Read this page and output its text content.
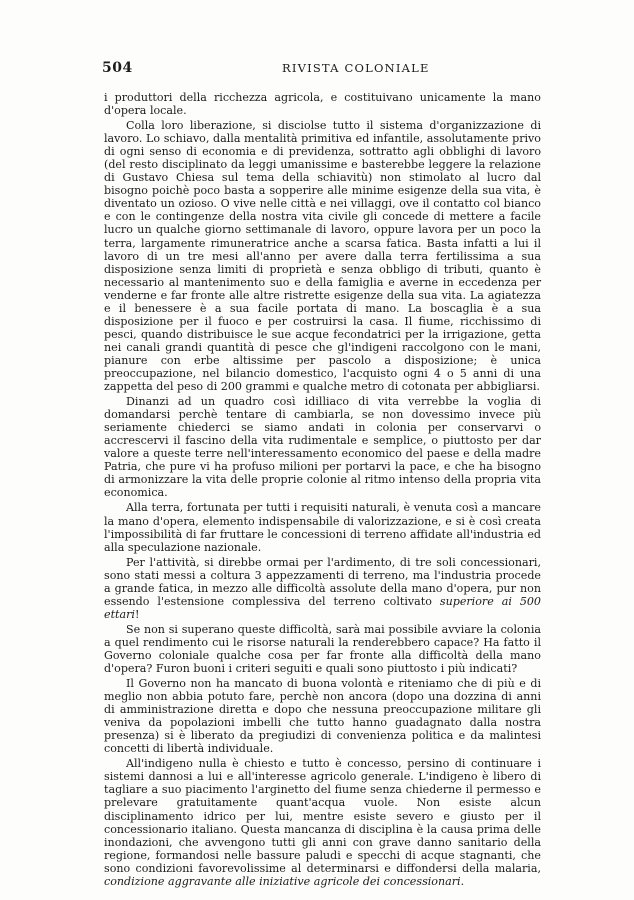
504	RIVISTA COLONIALE

i produttori della ricchezza agricola, e costituivano unicamente la mano d'opera locale.

Colla loro liberazione, si disciolse tutto il sistema d'organizzazione di lavoro. Lo schiavo, dalla mentalità primitiva ed infantile, assolutamente privo di ogni senso di economia e di previdenza, sottratto agli obblighi di lavoro (del resto disciplinato da leggi umanissime e basterebbe leggere la relazione di Gustavo Chiesa sul tema della schiavitù) non stimolato al lucro dal bisogno poichè poco basta a sopperire alle minime esigenze della sua vita, è diventato un ozioso. O vive nelle città e nei villaggi, ove il contatto col bianco e con le contingenze della nostra vita civile gli concede di mettere a facile lucro un qualche giorno settimanale di lavoro, oppure lavora per un poco la terra, largamente rimuneratrice anche a scarsa fatica. Basta infatti a lui il lavoro di un tre mesi all'anno per avere dalla terra fertilissima a sua disposizione senza limiti di proprietà e senza obbligo di tributi, quanto è necessario al mantenimento suo e della famiglia e averne in eccedenza per venderne e far fronte alle altre ristrette esigenze della sua vita. La agiatezza e il benessere è a sua facile portata di mano. La boscaglia è a sua disposizione per il fuoco e per costruirsi la casa. Il fiume, ricchissimo di pesci, quando distribuisce le sue acque fecondatrici per la irrigazione, getta nei canali grandi quantità di pesce che gl'indigeni raccolgono con le mani, pianure con erbe altissime per pascolo a disposizione; è unica preoccupazione, nel bilancio domestico, l'acquisto ogni 4 o 5 anni di una zappetta del peso di 200 grammi e qualche metro di cotonata per abbigliarsi.

Dinanzi ad un quadro così idilliaco di vita verrebbe la voglia di domandarsi perchè tentare di cambiarla, se non dovessimo invece più seriamente chiederci se siamo andati in colonia per conservarvi o accrescervi il fascino della vita rudimentale e semplice, o piuttosto per dar valore a queste terre nell'interessamento economico del paese e della madre Patria, che pure vi ha profuso milioni per portarvi la pace, e che ha bisogno di armonizzare la vita delle proprie colonie al ritmo intenso della propria vita economica.

Alla terra, fortunata per tutti i requisiti naturali, è venuta così a mancare la mano d'opera, elemento indispensabile di valorizzazione, e si è così creata l'impossibilità di far fruttare le concessioni di terreno affidate all'industria ed alla speculazione nazionale.

Per l'attività, si direbbe ormai per l'ardimento, di tre soli concessionari, sono stati messi a coltura 3 appezzamenti di terreno, ma l'industria procede a grande fatica, in mezzo alle difficoltà assolute della mano d'opera, pur non essendo l'estensione complessiva del terreno coltivato superiore ai 500 ettari!

Se non si superano queste difficoltà, sarà mai possibile avviare la colonia a quel rendimento cui le risorse naturali la renderebbero capace? Ha fatto il Governo coloniale qualche cosa per far fronte alla difficoltà della mano d'opera? Furon buoni i criteri seguiti e quali sono piuttosto i più indicati?

Il Governo non ha mancato di buona volontà e riteniamo che di più e di meglio non abbia potuto fare, perchè non ancora (dopo una dozzina di anni di amministrazione diretta e dopo che nessuna preoccupazione militare gli veniva da popolazioni imbelli che tutto hanno guadagnato dalla nostra presenza) si è liberato da pregiudizi di convenienza politica e da malintesi concetti di libertà individuale.

All'indigeno nulla è chiesto e tutto è concesso, persino di continuare i sistemi dannosi a lui e all'interesse agricolo generale. L'indigeno è libero di tagliare a suo piacimento l'arginetto del fiume senza chiederne il permesso e prelevare gratuitamente quant'acqua vuole. Non esiste alcun disciplinamento idrico per lui, mentre esiste severo e giusto per il concessionario italiano. Questa mancanza di disciplina è la causa prima delle inondazioni, che avvengono tutti gli anni con grave danno sanitario della regione, formandosi nelle bassure paludi e specchi di acque stagnanti, che sono condizioni favorevolissime al determinarsi e diffondersi della malaria, condizione aggravante alle iniziative agricole dei concessionari.
